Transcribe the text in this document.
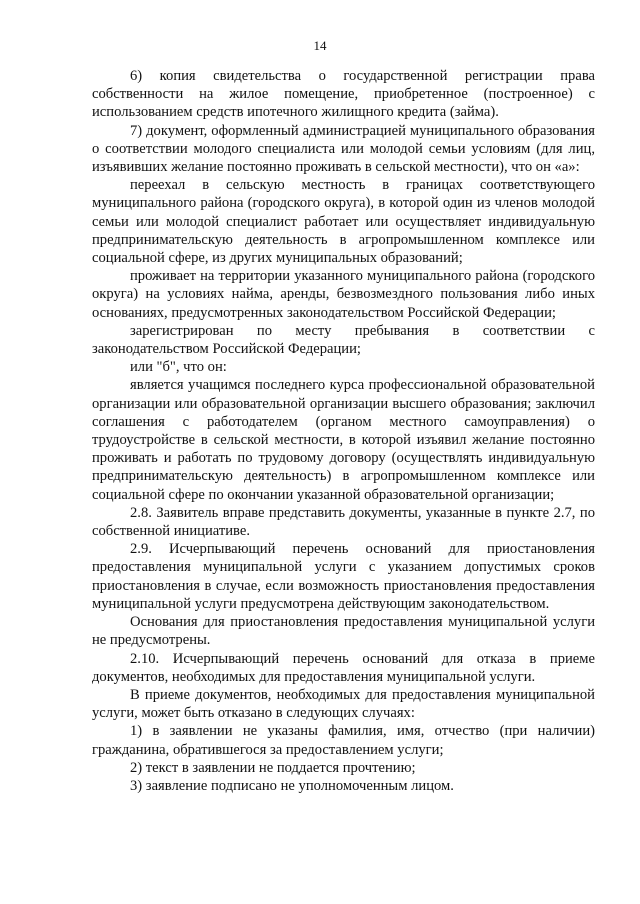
14

6) копия свидетельства о государственной регистрации права собственности на жилое помещение, приобретенное (построенное) с использованием средств ипотечного жилищного кредита (займа).

7) документ, оформленный администрацией муниципального образования о соответствии молодого специалиста или молодой семьи условиям (для лиц, изъявивших желание постоянно проживать в сельской местности), что он «а»:

переехал в сельскую местность в границах соответствующего муниципального района (городского округа), в которой один из членов молодой семьи или молодой специалист работает или осуществляет индивидуальную предпринимательскую деятельность в агропромышленном комплексе или социальной сфере, из других муниципальных образований;

проживает на территории указанного муниципального района (городского округа) на условиях найма, аренды, безвозмездного пользования либо иных основаниях, предусмотренных законодательством Российской Федерации;

зарегистрирован по месту пребывания в соответствии с законодательством Российской Федерации;

или "б", что он:

является учащимся последнего курса профессиональной образовательной организации или образовательной организации высшего образования; заключил соглашения с работодателем (органом местного самоуправления) о трудоустройстве в сельской местности, в которой изъявил желание постоянно проживать и работать по трудовому договору (осуществлять индивидуальную предпринимательскую деятельность) в агропромышленном комплексе или социальной сфере по окончании указанной образовательной организации;

2.8. Заявитель вправе представить документы, указанные в пункте 2.7, по собственной инициативе.

2.9. Исчерпывающий перечень оснований для приостановления предоставления муниципальной услуги с указанием допустимых сроков приостановления в случае, если возможность приостановления предоставления муниципальной услуги предусмотрена действующим законодательством.

Основания для приостановления предоставления муниципальной услуги не предусмотрены.

2.10. Исчерпывающий перечень оснований для отказа в приеме документов, необходимых для предоставления муниципальной услуги.

В приеме документов, необходимых для предоставления муниципальной услуги, может быть отказано в следующих случаях:

1) в заявлении не указаны фамилия, имя, отчество (при наличии) гражданина, обратившегося за предоставлением услуги;

2) текст в заявлении не поддается прочтению;

3) заявление подписано не уполномоченным лицом.
